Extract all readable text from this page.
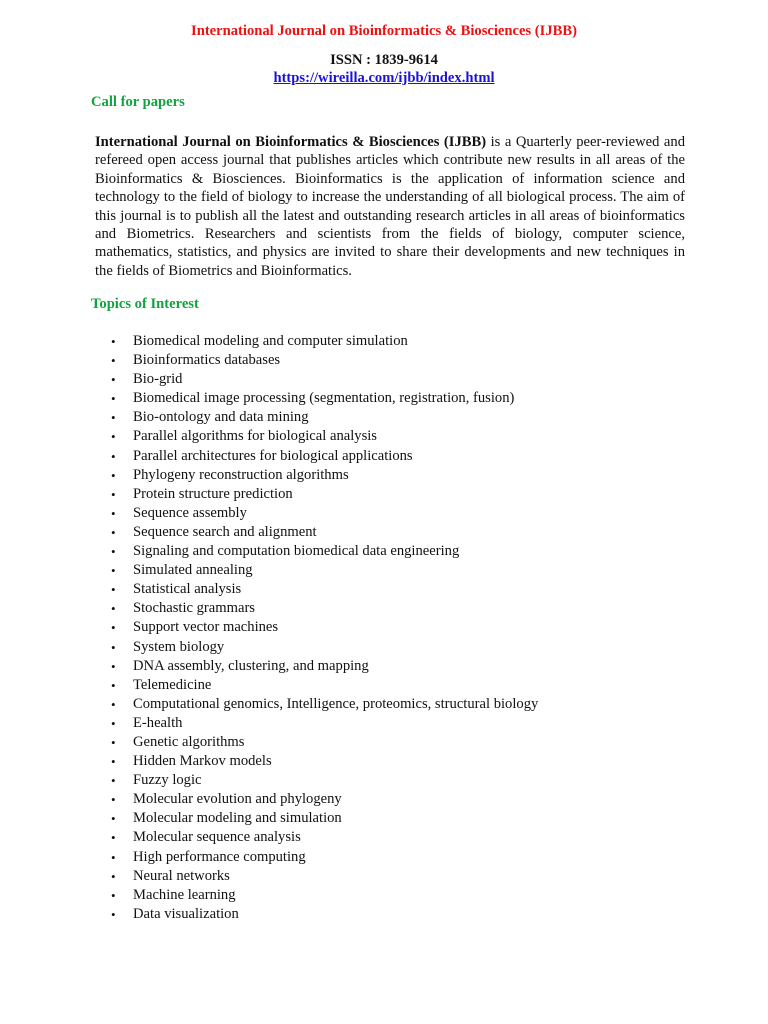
International Journal on Bioinformatics & Biosciences (IJBB)
ISSN : 1839-9614
https://wireilla.com/ijbb/index.html
Call for papers

International Journal on Bioinformatics & Biosciences (IJBB) is a Quarterly peer-reviewed and refereed open access journal that publishes articles which contribute new results in all areas of the Bioinformatics & Biosciences. Bioinformatics is the application of information science and technology to the field of biology to increase the understanding of all biological process. The aim of this journal is to publish all the latest and outstanding research articles in all areas of bioinformatics and Biometrics. Researchers and scientists from the fields of biology, computer science, mathematics, statistics, and physics are invited to share their developments and new techniques in the fields of Biometrics and Bioinformatics.

Topics of Interest
• Biomedical modeling and computer simulation
• Bioinformatics databases
• Bio-grid
• Biomedical image processing (segmentation, registration, fusion)
• Bio-ontology and data mining
• Parallel algorithms for biological analysis
• Parallel architectures for biological applications
• Phylogeny reconstruction algorithms
• Protein structure prediction
• Sequence assembly
• Sequence search and alignment
• Signaling and computation biomedical data engineering
• Simulated annealing
• Statistical analysis
• Stochastic grammars
• Support vector machines
• System biology
• DNA assembly, clustering, and mapping
• Telemedicine
• Computational genomics, Intelligence, proteomics, structural biology
• E-health
• Genetic algorithms
• Hidden Markov models
• Fuzzy logic
• Molecular evolution and phylogeny
• Molecular modeling and simulation
• Molecular sequence analysis
• High performance computing
• Neural networks
• Machine learning
• Data visualization
